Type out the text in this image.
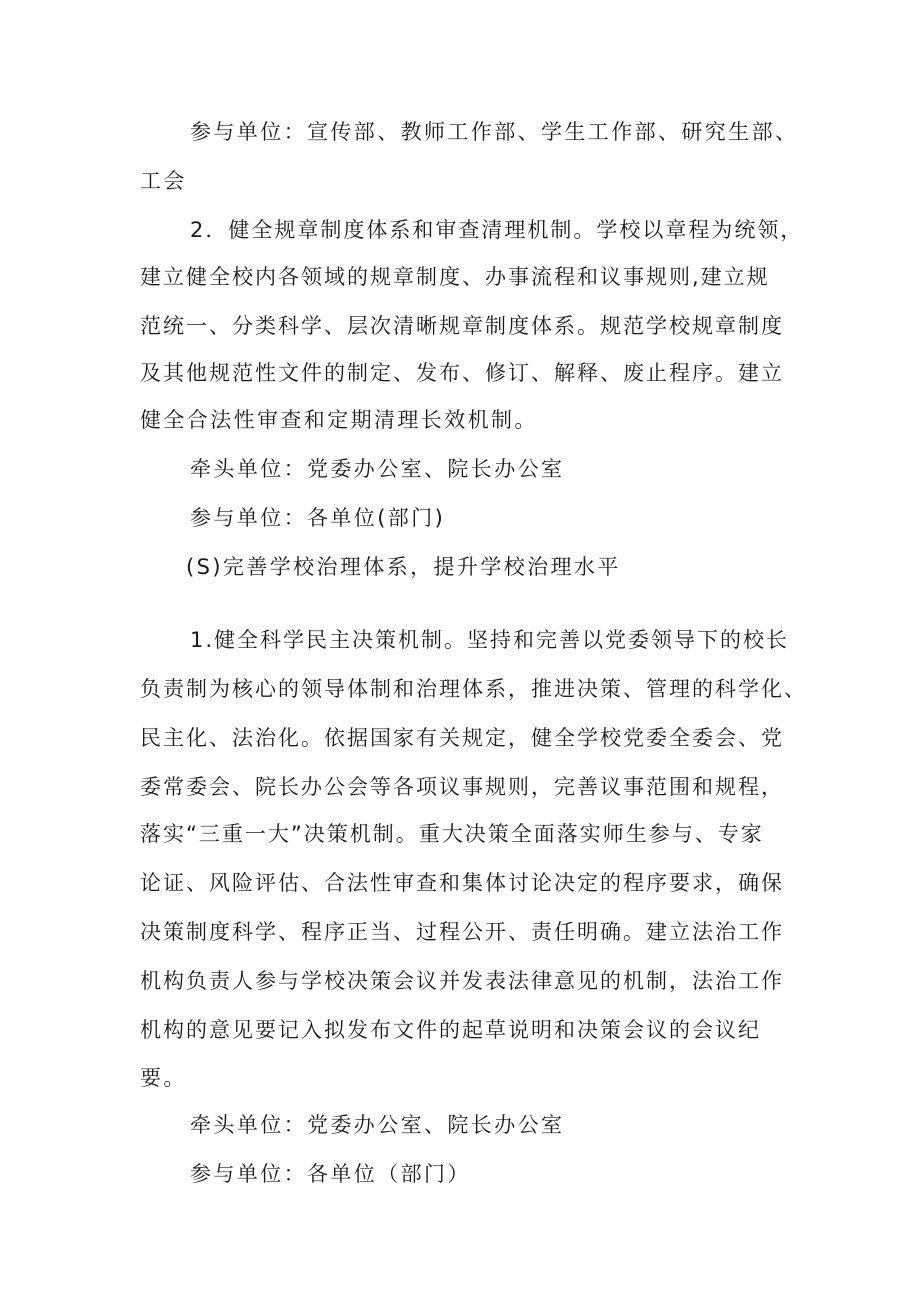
参与单位：宣传部、教师工作部、学生工作部、研究生部、
工会
2．健全规章制度体系和审查清理机制。学校以章程为统领，
建立健全校内各领域的规章制度、办事流程和议事规则,建立规
范统一、分类科学、层次清晰规章制度体系。规范学校规章制度
及其他规范性文件的制定、发布、修订、解释、废止程序。建立
健全合法性审查和定期清理长效机制。
牵头单位：党委办公室、院长办公室
参与单位：各单位(部门)
(S)完善学校治理体系，提升学校治理水平
1.健全科学民主决策机制。坚持和完善以党委领导下的校长
负责制为核心的领导体制和治理体系，推进决策、管理的科学化、
民主化、法治化。依据国家有关规定，健全学校党委全委会、党
委常委会、院长办公会等各项议事规则，完善议事范围和规程，
落实“三重一大”决策机制。重大决策全面落实师生参与、专家
论证、风险评估、合法性审查和集体讨论决定的程序要求，确保
决策制度科学、程序正当、过程公开、责任明确。建立法治工作
机构负责人参与学校决策会议并发表法律意见的机制，法治工作
机构的意见要记入拟发布文件的起草说明和决策会议的会议纪
要。
牵头单位：党委办公室、院长办公室
参与单位：各单位（部门）
